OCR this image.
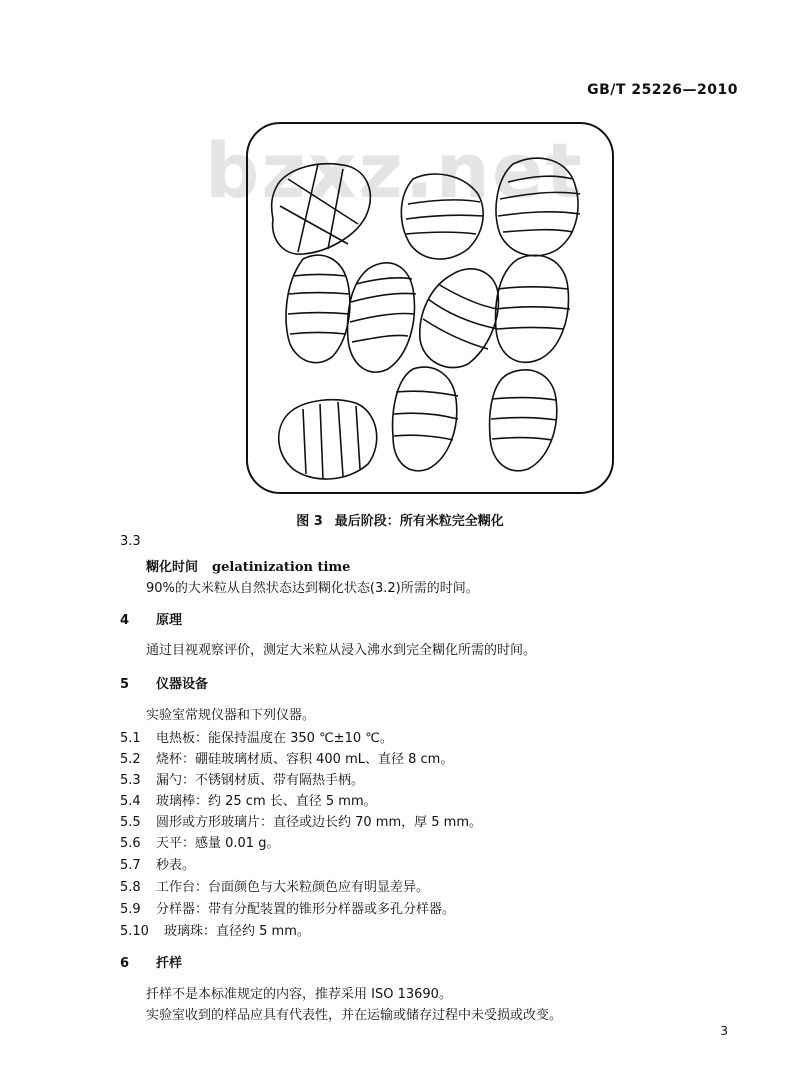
GB/T 25226—2010
bzxz.net
图 3 最后阶段：所有米粒完全糊化
3.3
糊化时间 gelatinization time
90%的大米粒从自然状态达到糊化状态(3.2)所需的时间。
4 原理
通过目视观察评价，测定大米粒从浸入沸水到完全糊化所需的时间。
5 仪器设备
实验室常规仪器和下列仪器。
5.1 电热板：能保持温度在 350 ℃±10 ℃。
5.2 烧杯：硼硅玻璃材质、容积 400 mL、直径 8 cm。
5.3 漏勺：不锈钢材质、带有隔热手柄。
5.4 玻璃棒：约 25 cm 长、直径 5 mm。
5.5 圆形或方形玻璃片：直径或边长约 70 mm，厚 5 mm。
5.6 天平：感量 0.01 g。
5.7 秒表。
5.8 工作台：台面颜色与大米粒颜色应有明显差异。
5.9 分样器：带有分配装置的锥形分样器或多孔分样器。
5.10 玻璃珠：直径约 5 mm。
6 扦样
扦样不是本标准规定的内容，推荐采用 ISO 13690。
实验室收到的样品应具有代表性，并在运输或储存过程中未受损或改变。
3
